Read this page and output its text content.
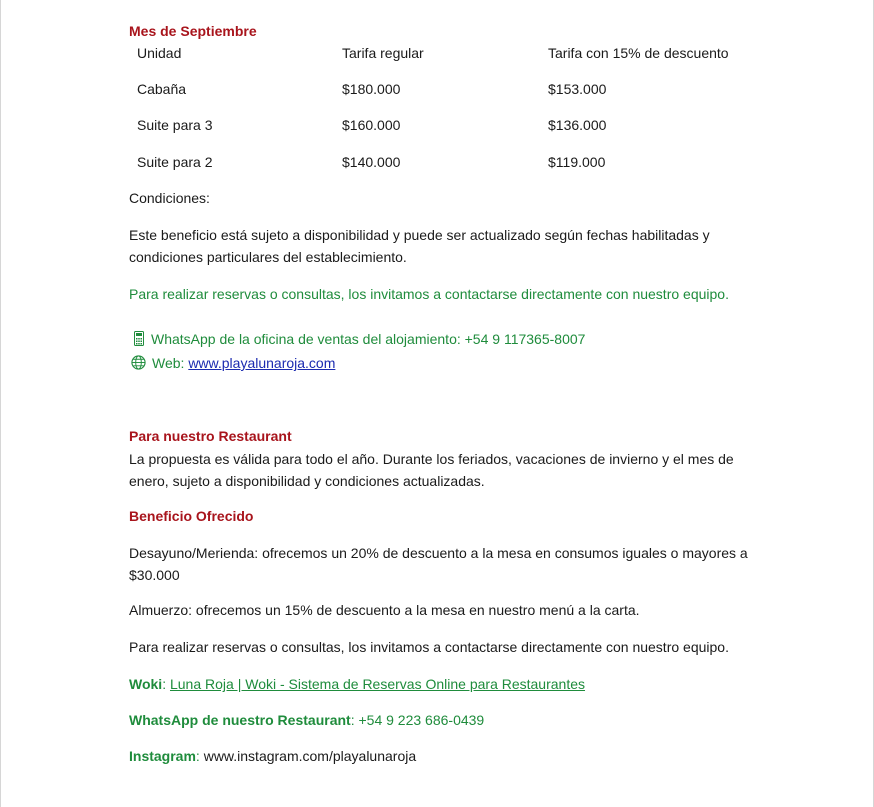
Mes de Septiembre
Unidad	Tarifa regular	Tarifa con 15% de descuento
Cabaña	$180.000	$153.000
Suite para 3	$160.000	$136.000
Suite para 2	$140.000	$119.000
Condiciones:
Este beneficio está sujeto a disponibilidad y puede ser actualizado según fechas habilitadas y condiciones particulares del establecimiento.
Para realizar reservas o consultas, los invitamos a contactarse directamente con nuestro equipo.
WhatsApp de la oficina de ventas del alojamiento: +54 9 117365-8007
Web: www.playalunaroja.com
Para nuestro Restaurant
La propuesta es válida para todo el año. Durante los feriados, vacaciones de invierno y el mes de enero, sujeto a disponibilidad y condiciones actualizadas.
Beneficio Ofrecido
Desayuno/Merienda: ofrecemos un 20% de descuento a la mesa en consumos iguales o mayores a $30.000
Almuerzo: ofrecemos un 15% de descuento a la mesa en nuestro menú a la carta.
Para realizar reservas o consultas, los invitamos a contactarse directamente con nuestro equipo.
Woki: Luna Roja | Woki - Sistema de Reservas Online para Restaurantes
WhatsApp de nuestro Restaurant: +54 9 223 686-0439
Instagram: www.instagram.com/playalunaroja
